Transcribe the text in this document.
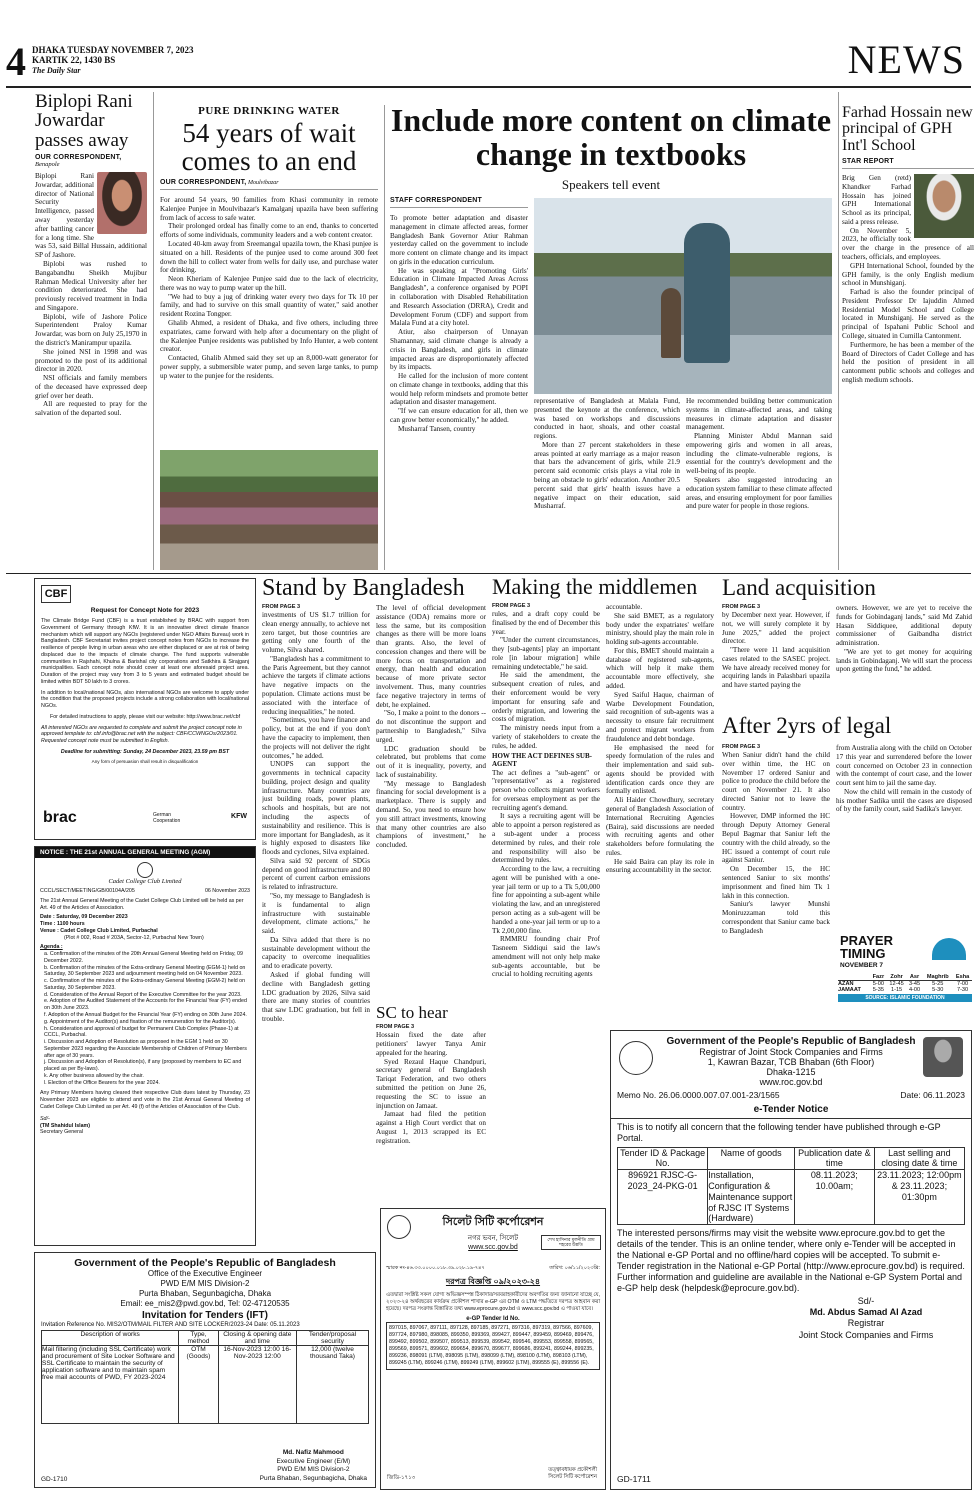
4 DHAKA TUESDAY NOVEMBER 7, 2023
KARTIK 22, 1430 BS
The Daily Star	NEWS
Biplopi Rani Jowardar passes away
OUR CORRESPONDENT,
Benapole

Biplopi Rani Jowardar, additional director of National Security Intelligence, passed away yesterday after battling cancer for a long time. She was 53, said Billal Hussain, additional SP of Jashore.

Biplobi was rushed to Bangabandhu Sheikh Mujibur Rahman Medical University after her condition deteriorated. She had previously received treatment in India and Singapore.

Biplobi, wife of Jashore Police Superintendent Praloy Kumar Jowardar, was born on July 25,1970 in the district's Manirampur upazila.

She joined NSI in 1998 and was promoted to the post of its additional director in 2020.

NSI officials and family members of the deceased have expressed deep grief over her death.

All are requested to pray for the salvation of the departed soul.

PURE DRINKING WATER
54 years of wait comes to an end
OUR CORRESPONDENT, Moulvibazar

For around 54 years, 90 families from Khasi community in remote Kalenjee Punjee in Moulvibazar's Kamalganj upazila have been suffering from lack of access to safe water.

Their prolonged ordeal has finally come to an end, thanks to concerted efforts of some individuals, community leaders and a web content creator.

Located 40-km away from Sreemangal upazila town, the Khasi punjee is situated on a hill. Residents of the punjee used to come around 300 feet down the hill to collect water from wells for daily use, and purchase water for drinking.

Neon Kheriam of Kalenjee Punjee said due to the lack of electricity, there was no way to pump water up the hill.

"We had to buy a jug of drinking water every two days for Tk 10 per family, and had to survive on this small quantity of water," said another resident Rozina Tongper.

Ghalib Ahmed, a resident of Dhaka, and five others, including three expatriates, came forward with help after a documentary on the plight of the Kalenjee Punjee residents was published by Info Hunter, a web content creator.

Contacted, Ghalib Ahmed said they set up an 8,000-watt generator for power supply, a submersible water pump, and seven large tanks, to pump up water to the punjee for the residents.

Include more content on climate change in textbooks
Speakers tell event
STAFF CORRESPONDENT

To promote better adaptation and disaster management in climate affected areas, former Bangladesh Bank Governor Atiur Rahman yesterday called on the government to include more content on climate change and its impact on girls in the education curriculum.

He was speaking at "Promoting Girls' Education in Climate Impacted Areas Across Bangladesh", a conference organised by POPI in collaboration with Disabled Rehabilitation and Research Association (DRRA), Credit and Development Forum (CDF) and support from Malala Fund at a city hotel.

Atiur, also chairperson of Unnayan Shamannay, said climate change is already a crisis in Bangladesh, and girls in climate impacted areas are disproportionately affected by its impacts.

He called for the inclusion of more content on climate change in textbooks, adding that this would help reform mindsets and promote better adaptation and disaster management.

"If we can ensure education for all, then we can grow better economically," he added.

Musharraf Tansen, country

representative of Bangladesh at Malala Fund, presented the keynote at the conference, which was based on workshops and discussions conducted in haor, shoals, and other coastal regions.

More than 27 percent stakeholders in these areas pointed at early marriage as a major reason that bars the advancement of girls, while 21.9 percent said economic crisis plays a vital role in being an obstacle to girls' education. Another 20.5 percent said that girls' health issues have a negative impact on their education, said Musharraf.

He recommended building better communication systems in climate-affected areas, and taking measures in climate adaptation and disaster management.

Planning Minister Abdul Mannan said empowering girls and women in all areas, including the climate-vulnerable regions, is essential for the country's development and the well-being of its people.

Speakers also suggested introducing an education system familiar to these climate affected areas, and ensuring employment for poor families and pure water for people in those regions.

Farhad Hossain new principal of GPH Int'l School
STAR REPORT

Brig Gen (retd) Khandker Farhad Hossain has joined GPH International School as its principal, said a press release.

On November 5, 2023, he officially took over the charge in the presence of all teachers, officials, and employees.

GPH International School, founded by the GPH family, is the only English medium school in Munshiganj.

Farhad is also the founder principal of President Professor Dr Iajuddin Ahmed Residential Model School and College located in Munshiganj. He served as the principal of Ispahani Public School and College, situated in Cumilla Cantonment.

Furthermore, he has been a member of the Board of Directors of Cadet College and has held the position of president in all cantonment public schools and colleges and english medium schools.

CBF
Request for Concept Note for 2023
The Climate Bridge Fund (CBF) is a trust established by BRAC with support from Government of Germany through KfW. It is an innovative direct climate finance mechanism which will support any NGOs (registered under NGO Affairs Bureau) work in Bangladesh. CBF Secretariat invites project concept notes from NGOs to increase the resilience of people living in urban areas who are either displaced or are at risk of being displaced due to the impacts of climate change. The fund supports vulnerable communities in Rajshahi, Khulna & Barishal city corporations and Satkhira & Sirajganj municipalities. Each concept note should cover at least one aforesaid project area. Duration of the project may vary from 3 to 5 years and estimated budget should be limited within BDT 50 lakh to 3 crores.
In addition to local/national NGOs, also international NGOs are welcome to apply under the condition that the proposed projects include a strong collaboration with local/national NGOs.
For detailed instructions to apply, please visit our website: http://www.brac.net/cbf
All interested NGOs are requested to complete and submit the project concept note in approved template to: cbf.info@brac.net with the subject: CBF/CCWNGOs/2023/01. Requested concept note must be submitted in English.
Deadline for submitting: Sunday, 24 December 2023, 23.59 pm BST
Any form of persuasion shall result in disqualification
brac	German Cooperation
KFW
NOTICE : THE 21st ANNUAL GENERAL MEETING (AGM)
Cadet College Club Limited
CCCL/SECT/MEETING/GB/00104A/205	06 November 2023
The 21st Annual General Meeting of the Cadet College Club Limited will be held as per Art. 49 of the Articles of Association.
Date : Saturday, 09 December 2023
Time : 1100 hours
Venue : Cadet College Club Limited, Purbachal
(Plot # 002, Road # 203A, Sector-12, Purbachal New Town)
Agenda :
a. Confirmation of the minutes of the 20th Annual General Meeting held on Friday, 09 December 2022.
b. Confirmation of the minutes of the Extra-ordinary General Meeting (EGM-1) held on Saturday, 30 September 2023 and adjournment meeting held on 04 November 2023.
c. Confirmation of the minutes of the Extra-ordinary General Meeting (EGM-2) held on Saturday, 30 September 2023.
d. Consideration of the Annual Report of the Executive Committee for the year 2023.
e. Adoption of the Audited Statement of the Accounts for the Financial Year (FY) ended on 30th June 2023.
f. Adoption of the Annual Budget for the Financial Year (FY) ending on 30th June 2024.
g. Appointment of the Auditor(s) and fixation of the remuneration for the Auditor(s).
h. Consideration and approval of budget for Permanent Club Complex (Phase-1) at CCCL, Purbachal.
i. Discussion and Adoption of Resolution as proposed in the EGM 1 held on 30 September 2023 regarding the Associate Membership of Children of Primary Members after age of 30 years.
j. Discussion and Adoption of Resolution(s), if any (proposed by members to EC and placed as per By-laws).
k. Any other business allowed by the chair.
l. Election of the Office Bearers for the year 2024.
Any Primary Members having cleared their respective Club dues latest by Thursday, 23 November 2023 are eligible to attend and vote in the 21st Annual General Meeting of Cadet College Club Limited as per Art. 49 (f) of the Articles of Association of the Club.
Sd/-
(TM Shahidul Islam)
Secretary General
Government of the People's Republic of Bangladesh
Office of the Executive Engineer
PWD E/M MIS Division-2
Purta Bhaban, Segunbagicha, Dhaka
Email: ee_mis2@pwd.gov.bd, Tel: 02-47120535
Invitation for Tenders (IFT)
Invitation Reference No. MIS2/OTM/MAIL FILTER AND SITE LOCKER/2023-24 Date: 05.11.2023
Description of works	Type, method	Closing & opening date and time	Tender/proposal security
Mail filtering (including SSL Certificate) work and procurement of Site Locker Software and SSL Certificate to maintain the security of application software and to maintain spam free mail accounts of PWD, FY 2023-2024	OTM (Goods)	16-Nov-2023 12:00 16-Nov-2023 12:00	12,000 (twelve thousand Taka)
Md. Nafiz Mahmood
Executive Engineer (E/M)
PWD E/M MIS Division-2
Purta Bhaban, Segunbagicha, Dhaka
GD-1710
Stand by Bangladesh
FROM PAGE 3

investments of US $1.7 trillion for clean energy annually, to achieve net zero target, but those countries are getting only one fourth of the volume, Silva shared.

"Bangladesh has a commitment to the Paris Agreement, but they cannot achieve the targets if climate actions have negative impacts on the population. Climate actions must be associated with the interface of reducing inequalities," he noted.

"Sometimes, you have finance and policy, but at the end if you don't have the capacity to implement, then the projects will not deliver the right outcomes," he added.

UNOPS can support the governments in technical capacity building, project design and quality infrastructure. Many countries are just building roads, power plants, schools and hospitals, but are not including the aspects of sustainability and resilience. This is more important for Bangladesh, as it is highly exposed to disasters like floods and cyclones, Silva explained.

Silva said 92 percent of SDGs depend on good infrastructure and 80 percent of current carbon emissions is related to infrastructure.

"So, my message to Bangladesh is it is fundamental to align infrastructure with sustainable development, climate actions," he said.

Da Silva added that there is no sustainable development without the capacity to overcome inequalities and to eradicate poverty.

Asked if global funding will decline with Bangladesh getting LDC graduation by 2026, Silva said there are many stories of countries that saw LDC graduation, but fell in trouble.

The level of official development assistance (ODA) remains more or less the same, but its composition changes as there will be more loans than grants. Also, the level of concession changes and there will be more focus on transportation and energy, than health and education because of more private sector involvement. Thus, many countries face negative trajectory in terms of debt, he explained.

"So, I make a point to the donors -- do not discontinue the support and partnership to Bangladesh," Silva urged.

LDC graduation should be celebrated, but problems that come out of it is inequality, poverty, and lack of sustainability.

"My message to Bangladesh financing for social development is a marketplace. There is supply and demand. So, you need to ensure how you still attract investments, knowing that many other countries are also champions of investment," he concluded.

SC to hear
FROM PAGE 3

Hossain fixed the date after petitioners' lawyer Tanya Amir appealed for the hearing.

Syed Rezaul Haque Chandpuri, secretary general of Bangladesh Tariqat Federation, and two others submitted the petition on June 26, requesting the SC to issue an injunction on Jamaat.

Jamaat had filed the petition against a High Court verdict that on August 1, 2013 scrapped its EC registration.

Making the middlemen
FROM PAGE 3

rules, and a draft copy could be finalised by the end of December this year.

"Under the current circumstances, they [sub-agents] play an important role [in labour migration] while remaining undetectable," he said.

He said the amendment, the subsequent creation of rules, and their enforcement would be very important for ensuring safe and orderly migration, and lowering the costs of migration.

The ministry needs input from a variety of stakeholders to create the rules, he added.

HOW THE ACT DEFINES SUB-AGENT

The act defines a "sub-agent" or "representative" as a registered person who collects migrant workers for overseas employment as per the recruiting agent's demand.

It says a recruiting agent will be able to appoint a person registered as a sub-agent under a process determined by rules, and their role and responsibility will also be determined by rules.

According to the law, a recruiting agent will be punished with a one-year jail term or up to a Tk 5,00,000 fine for appointing a sub-agent while violating the law, and an unregistered person acting as a sub-agent will be handed a one-year jail term or up to a Tk 2,00,000 fine.

RMMRU founding chair Prof Tasneem Siddiqui said the law's amendment will not only help make sub-agents accountable, but be crucial to holding recruiting agents

accountable.

She said BMET, as a regulatory body under the expatriates' welfare ministry, should play the main role in holding sub-agents accountable.

For this, BMET should maintain a database of registered sub-agents, which will help it make them accountable more effectively, she added.

Syed Saiful Haque, chairman of Warbe Development Foundation, said recognition of sub-agents was a necessity to ensure fair recruitment and protect migrant workers from fraudulence and debt bondage.

He emphasised the need for speedy formulation of the rules and their implementation and said sub-agents should be provided with identification cards once they are formally enlisted.

Ali Haider Chowdhury, secretary general of Bangladesh Association of International Recruiting Agencies (Baira), said discussions are needed with recruiting agents and other stakeholders before formulating the rules.

He said Baira can play its role in ensuring accountability in the sector.

Land acquisition
FROM PAGE 3

by December next year. However, if not, we will surely complete it by June 2025," added the project director.

"There were 11 land acquisition cases related to the SASEC project. We have already received money for acquiring lands in Palashbari upazila and have started paying the

owners. However, we are yet to receive the funds for Gobindaganj lands," said Md Zahid Hasan Siddiquee, additional deputy commissioner of Gaibandha district administration.

"We are yet to get money for acquiring lands in Gobindaganj. We will start the process upon getting the fund," he added.

After 2yrs of legal
FROM PAGE 3

When Saniur didn't hand the child over within time, the HC on November 17 ordered Saniur and police to produce the child before the court on November 21. It also directed Saniur not to leave the country.

However, DMP informed the HC through Deputy Attorney General Bepul Bagmar that Saniur left the country with the child already, so the HC issued a contempt of court rule against Saniur.

On December 15, the HC sentenced Saniur to six months' imprisonment and fined him Tk 1 lakh in this connection.

Saniur's lawyer Munshi Moniruzzaman told this correspondent that Saniur came back to Bangladesh

from Australia along with the child on October 17 this year and surrendered before the lower court concerned on October 23 in connection with the contempt of court case, and the lower court sent him to jail the same day.

Now the child will remain in the custody of his mother Sadika until the cases are disposed of by the family court, said Sadika's lawyer.

PRAYER
TIMING
NOVEMBER 7
	Fazr	Zohr	Asr	Maghrib	Esha
AZAN	5-00	12-45	3-45	5-25	7-00
JAMAAT	5-35	1-15	4-00	5-30	7-30
SOURCE: ISLAMIC FOUNDATION
Government of the People's Republic of Bangladesh
Registrar of Joint Stock Companies and Firms
1, Kawran Bazar, TCB Bhaban (6th Floor)
Dhaka-1215
www.roc.gov.bd
Memo No. 26.06.0000.007.07.001-23/1565	Date: 06.11.2023
e-Tender Notice
This is to notify all concern that the following tender have published through e-GP Portal.
Tender ID & Package No.	Name of goods	Publication date & time	Last selling and closing date & time
896921 RJSC-G-2023_24-PKG-01	Installation, Configuration & Maintenance support of RJSC IT Systems (Hardware)	08.11.2023; 10.00am;	23.11.2023; 12:00pm & 23.11.2023; 01:30pm
The interested persons/firms may visit the website www.eprocure.gov.bd to get the details of the tender. This is an online tender, where only e-Tender will be accepted in the National e-GP Portal and no offline/hard copies will be accepted. To submit e-Tender registration in the National e-GP Portal (http://www.eprocure.gov.bd) is required.
Further information and guideline are available in the National e-GP System Portal and e-GP help desk (helpdesk@eprocure.gov.bd).
Sd/-
Md. Abdus Samad Al Azad
Registrar
Joint Stock Companies and Firms
GD-1711
সিলেট সিটি কর্পোরেশন
নগর ভবন, সিলেট
www.scc.gov.bd
শেখ হাসিনার মূলনীতি গ্রাম শহরের উন্নতি
স্মারক নং-৪৬.৩৩.০০০০.০১৮.৩৯.০২৮.১৯-৭৪৭	তারিখ: ০৬/১১/২০২৩খ্রি:
দরপত্র বিজ্ঞপ্তি ০৯/২০২৩-২৪
এতদ্বারা সংশ্লিষ্ট সকল যোগ্য অভিজ্ঞসম্পন্ন ঠিকাদার/সরবরাহকারীদের অবগতির জন্য জানানো যাচ্ছে যে, ২০২৩-২৪ অর্থবছরের কার্যক্রম প্রকৌশল শাখার e-GP এর OTM ও LTM পদ্ধতিতে দরপত্র আহবান করা হয়েছে। দরপত্র সংক্রান্ত বিস্তারিত তথ্য www.eprocure.gov.bd ও www.scc.gov.bd এ পাওয়া যাবে।
e-GP Tender Id No.
897015, 897067, 897111, 897128, 897185, 897271, 897316, 897319, 897566, 897609, 897724, 897980, 898085, 899350, 899369, 899427, 899447, 899459, 899469, 899476, 899492, 899502, 899507, 899513, 899539, 899542, 899546, 899553, 899558, 899565, 899569, 899571, 899602, 899654, 899670, 899677, 899686, 899241, 899244, 899235, 899236, 898091 (LTM), 898095 (LTM), 898099 (LTM), 898100 (LTM), 898103 (LTM), 899245 (LTM), 899246 (LTM), 899249 (LTM), 899602 (LTM), 899555 (E), 899556 (E).
তত্ত্বাবধায়ক প্রকৌশলী
সিলেট সিটি কর্পোরেশন
জিডি-১৭১৩
